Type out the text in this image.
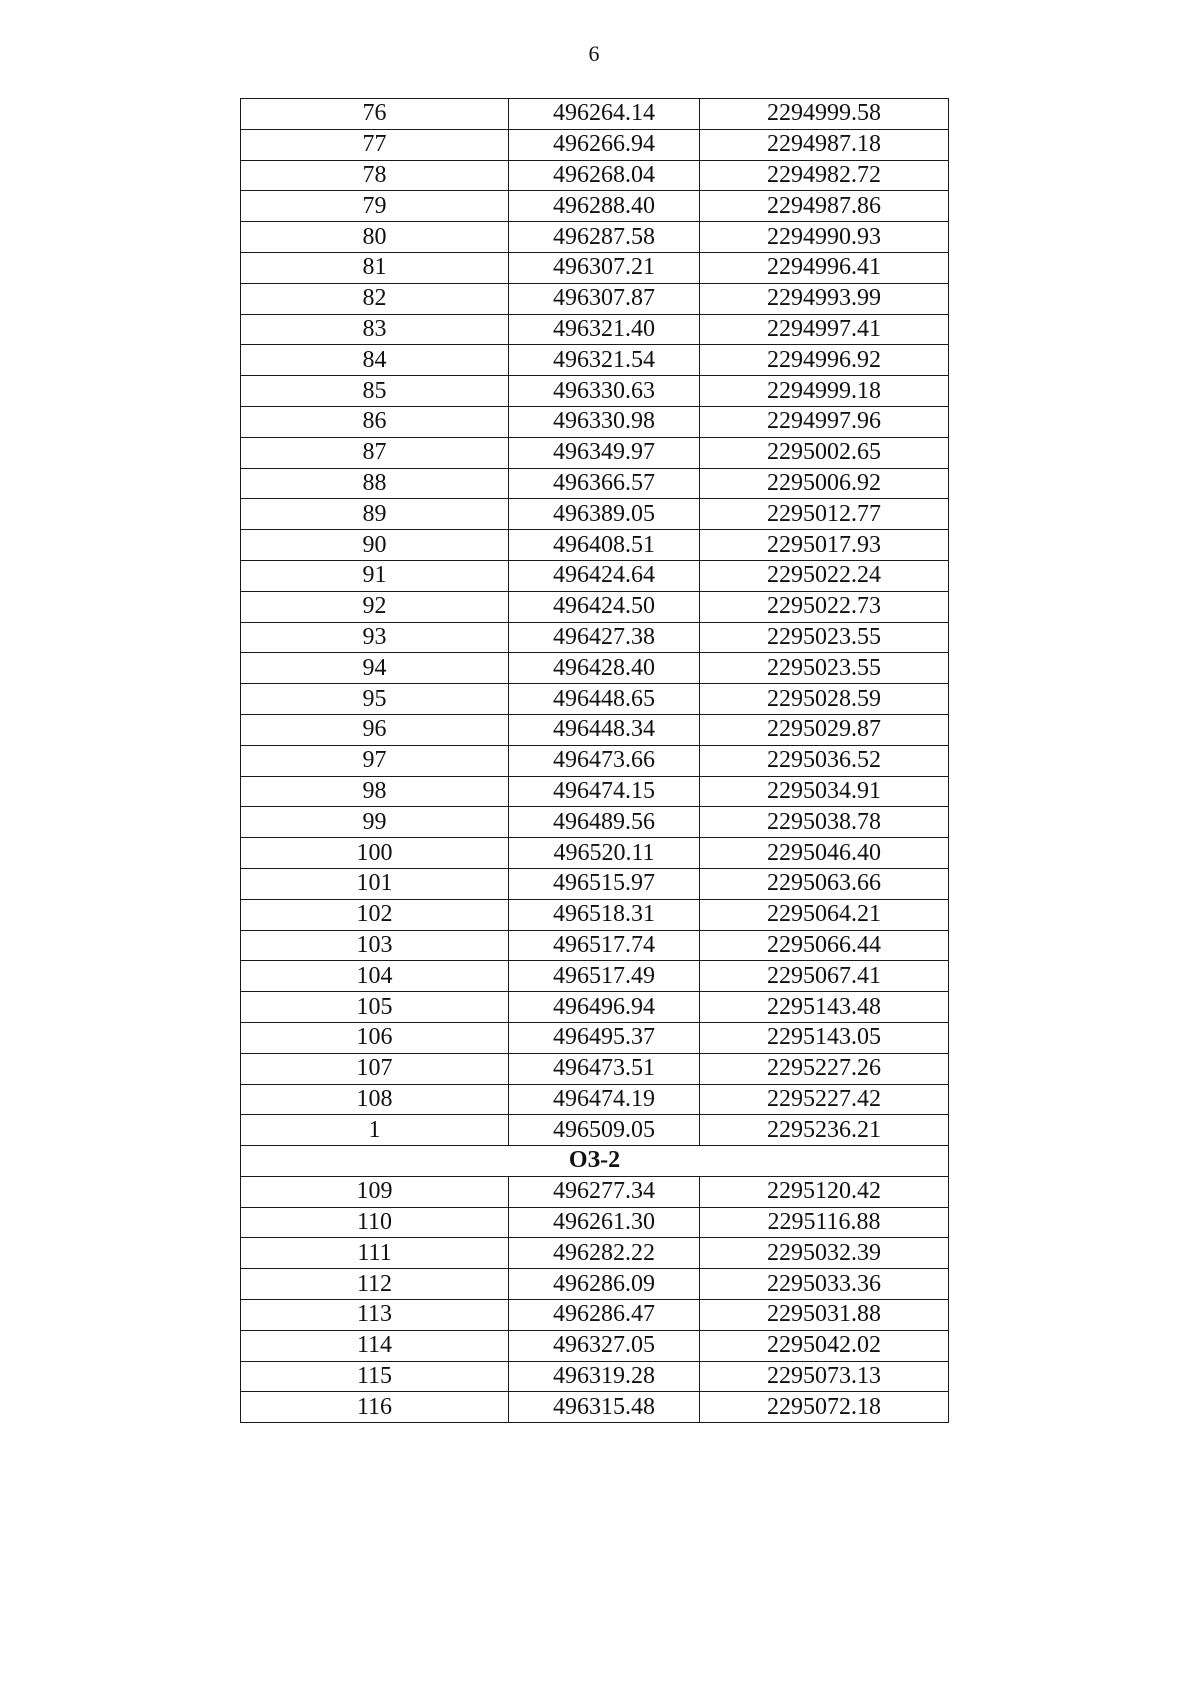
6
76	496264.14	2294999.58
77	496266.94	2294987.18
78	496268.04	2294982.72
79	496288.40	2294987.86
80	496287.58	2294990.93
81	496307.21	2294996.41
82	496307.87	2294993.99
83	496321.40	2294997.41
84	496321.54	2294996.92
85	496330.63	2294999.18
86	496330.98	2294997.96
87	496349.97	2295002.65
88	496366.57	2295006.92
89	496389.05	2295012.77
90	496408.51	2295017.93
91	496424.64	2295022.24
92	496424.50	2295022.73
93	496427.38	2295023.55
94	496428.40	2295023.55
95	496448.65	2295028.59
96	496448.34	2295029.87
97	496473.66	2295036.52
98	496474.15	2295034.91
99	496489.56	2295038.78
100	496520.11	2295046.40
101	496515.97	2295063.66
102	496518.31	2295064.21
103	496517.74	2295066.44
104	496517.49	2295067.41
105	496496.94	2295143.48
106	496495.37	2295143.05
107	496473.51	2295227.26
108	496474.19	2295227.42
1	496509.05	2295236.21
ОЗ-2		
109	496277.34	2295120.42
110	496261.30	2295116.88
111	496282.22	2295032.39
112	496286.09	2295033.36
113	496286.47	2295031.88
114	496327.05	2295042.02
115	496319.28	2295073.13
116	496315.48	2295072.18
